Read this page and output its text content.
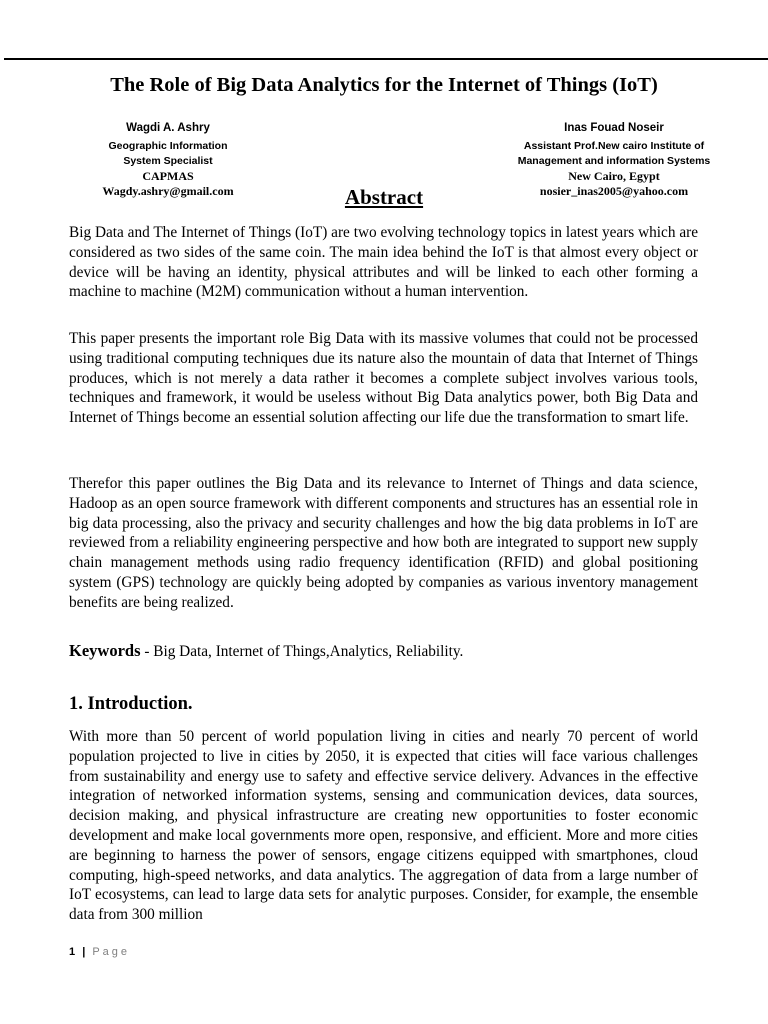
The Role of Big Data Analytics for the Internet of Things (IoT)
Wagdi A. Ashry
Geographic Information
System Specialist
CAPMAS
Wagdy.ashry@gmail.com
Inas Fouad Noseir
Assistant Prof.New cairo Institute of
Management and information Systems
New Cairo, Egypt
nosier_inas2005@yahoo.com
Abstract

Big Data and The Internet of Things (IoT) are two evolving technology topics in latest years which are considered as two sides of the same coin. The main idea behind the IoT is that almost every object or device will be having an identity, physical attributes and will be linked to each other forming a machine to machine (M2M) communication without a human intervention.

This paper presents the important role Big Data with its massive volumes that could not be processed using traditional computing techniques due its nature also the mountain of data that Internet of Things produces, which is not merely a data rather it becomes a complete subject involves various tools, techniques and framework, it would be useless without Big Data analytics power, both Big Data and Internet of Things become an essential solution affecting our life due the transformation to smart life.

Therefor this paper outlines the Big Data and its relevance to Internet of Things and data science, Hadoop as an open source framework with different components and structures has an essential role in big data processing, also the privacy and security challenges and how the big data problems in IoT are reviewed from a reliability engineering perspective and how both are integrated to support new supply chain management methods using radio frequency identification (RFID) and global positioning system (GPS) technology are quickly being adopted by companies as various inventory management benefits are being realized.

Keywords - Big Data, Internet of Things,Analytics, Reliability.
1. Introduction.

With more than 50 percent of world population living in cities and nearly 70 percent of world population projected to live in cities by 2050, it is expected that cities will face various challenges from sustainability and energy use to safety and effective service delivery. Advances in the effective integration of networked information systems, sensing and communication devices, data sources, decision making, and physical infrastructure are creating new opportunities to foster economic development and make local governments more open, responsive, and efficient. More and more cities are beginning to harness the power of sensors, engage citizens equipped with smartphones, cloud computing, high-speed networks, and data analytics. The aggregation of data from a large number of IoT ecosystems, can lead to large data sets for analytic purposes. Consider, for example, the ensemble data from 300 million

1 | Page
